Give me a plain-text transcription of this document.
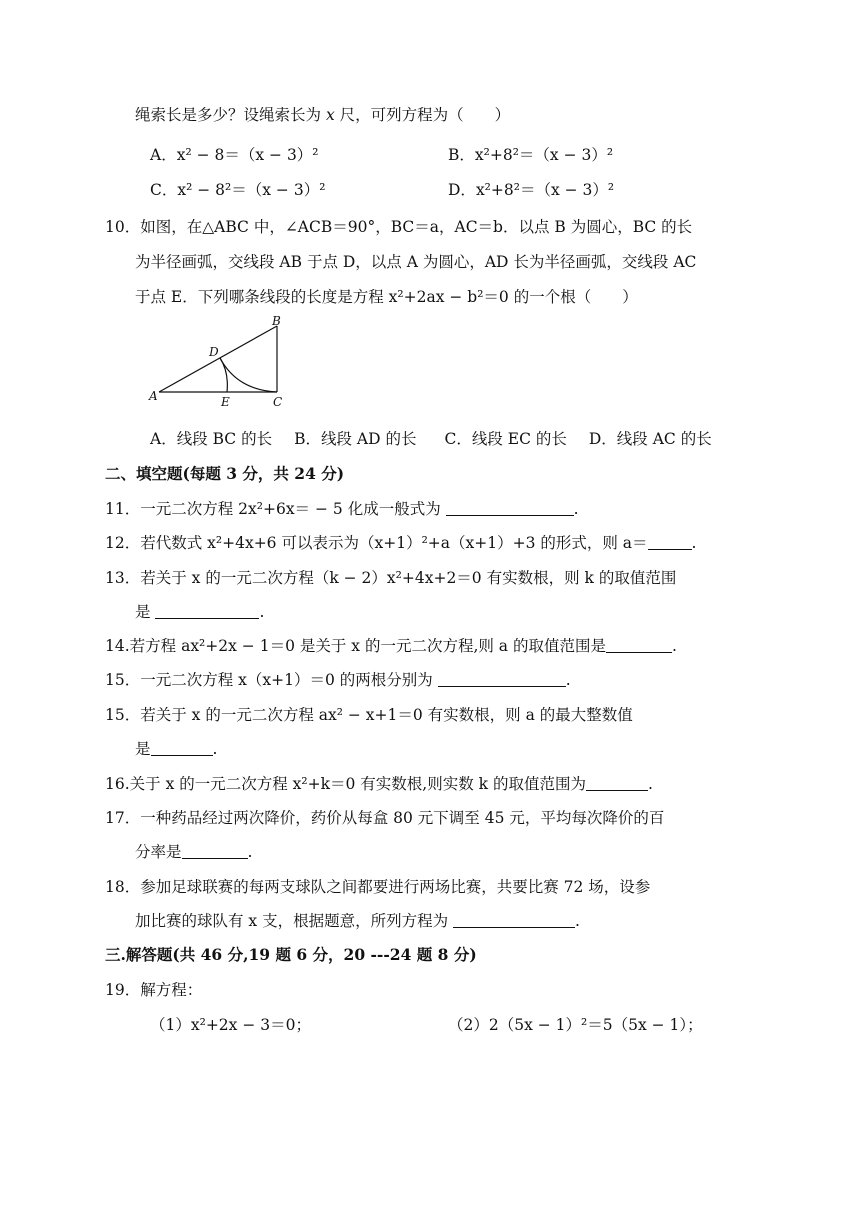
绳索长是多少？设绳索长为 x 尺，可列方程为（　　）
A．x² − 8＝（x − 3）²	B．x²+8²＝（x − 3）²
C．x² − 8²＝（x − 3）²	D．x²+8²＝（x − 3）²
10．如图，在△ABC 中，∠ACB＝90°，BC＝a，AC＝b．以点 B 为圆心，BC 的长
为半径画弧，交线段 AB 于点 D，以点 A 为圆心，AD 长为半径画弧，交线段 AC
于点 E．下列哪条线段的长度是方程 x²+2ax − b²＝0 的一个根（　　）
A
B
C
D
E
A．线段 BC 的长 B．线段 AD 的长 C．线段 EC 的长 D．线段 AC 的长
二、填空题(每题 3 分，共 24 分)
11．一元二次方程 2x²+6x＝ − 5 化成一般式为	.
12．若代数式 x²+4x+6 可以表示为（x+1）²+a（x+1）+3 的形式，则 a＝	.
13．若关于 x 的一元二次方程（k − 2）x²+4x+2＝0 有实数根，则 k 的取值范围
是	.
14.若方程 ax²+2x − 1＝0 是关于 x 的一元二次方程,则 a 的取值范围是	.
15．一元二次方程 x（x+1）＝0 的两根分别为	.
15．若关于 x 的一元二次方程 ax² − x+1＝0 有实数根，则 a 的最大整数值
是	.
16.关于 x 的一元二次方程 x²+k＝0 有实数根,则实数 k 的取值范围为	.
17．一种药品经过两次降价，药价从每盒 80 元下调至 45 元，平均每次降价的百
分率是	.
18．参加足球联赛的每两支球队之间都要进行两场比赛，共要比赛 72 场，设参
加比赛的球队有 x 支，根据题意，所列方程为	.
三.解答题(共 46 分,19 题 6 分，20 ---24 题 8 分)
19．解方程：
（1）x²+2x − 3＝0；	（2）2（5x − 1）²＝5（5x − 1）；
